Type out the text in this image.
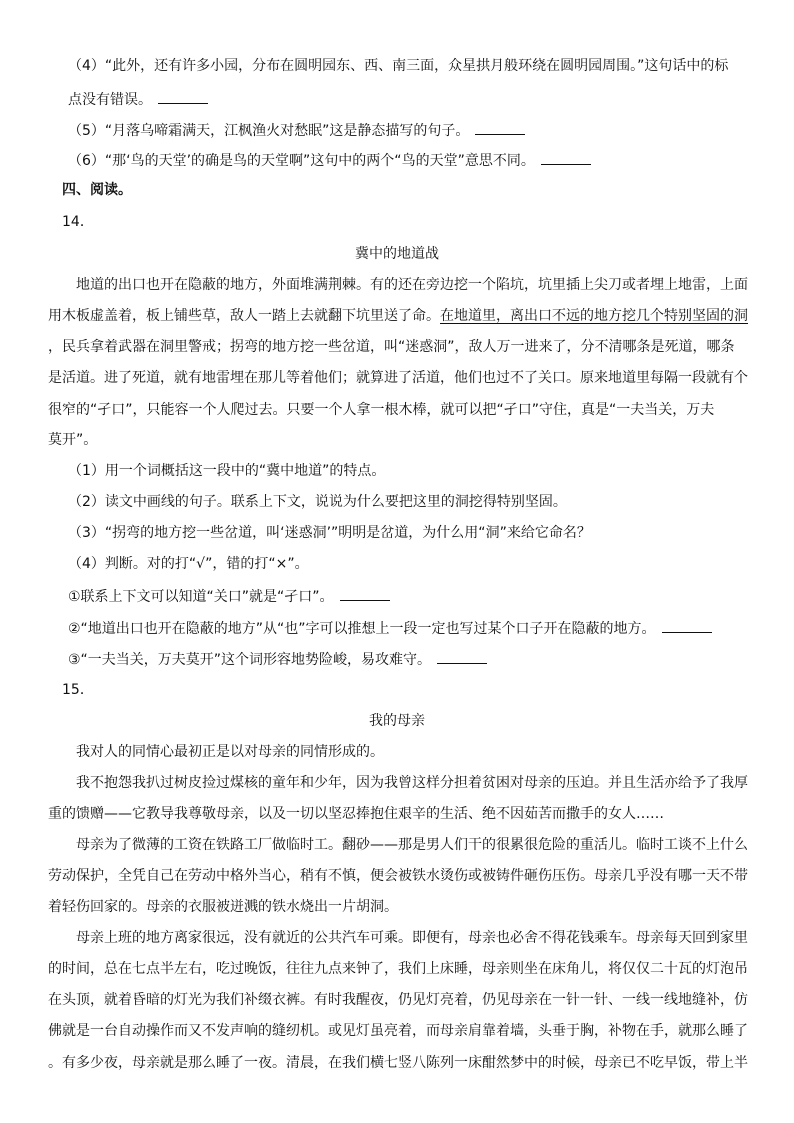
（4）“此外，还有许多小园，分布在圆明园东、西、南三面，众星拱月般环绕在圆明园周围。”这句话中的标
点没有错误。
（5）“月落乌啼霜满天，江枫渔火对愁眠”这是静态描写的句子。
（6）“那‘鸟的天堂’的确是鸟的天堂啊”这句中的两个“鸟的天堂”意思不同。
四、阅读。
14．
冀中的地道战
地道的出口也开在隐蔽的地方，外面堆满荆棘。有的还在旁边挖一个陷坑，坑里插上尖刀或者埋上地雷，上面
用木板虚盖着，板上铺些草，敌人一踏上去就翻下坑里送了命。在地道里，离出口不远的地方挖几个特别坚固的洞
，民兵拿着武器在洞里警戒；拐弯的地方挖一些岔道，叫“迷惑洞”，敌人万一进来了，分不清哪条是死道，哪条
是活道。进了死道，就有地雷埋在那儿等着他们；就算进了活道，他们也过不了关口。原来地道里每隔一段就有个
很窄的“孑口”，只能容一个人爬过去。只要一个人拿一根木棒，就可以把“孑口”守住，真是“一夫当关，万夫
莫开”。
（1）用一个词概括这一段中的“冀中地道”的特点。
（2）读文中画线的句子。联系上下文，说说为什么要把这里的洞挖得特别坚固。
（3）“拐弯的地方挖一些岔道，叫‘迷惑洞’”明明是岔道，为什么用“洞”来给它命名？
（4）判断。对的打“√”，错的打“×”。
①联系上下文可以知道“关口”就是“孑口”。
②“地道出口也开在隐蔽的地方”从“也”字可以推想上一段一定也写过某个口子开在隐蔽的地方。
③“一夫当关，万夫莫开”这个词形容地势险峻，易攻难守。
15．
我的母亲
我对人的同情心最初正是以对母亲的同情形成的。
我不抱怨我扒过树皮捡过煤核的童年和少年，因为我曾这样分担着贫困对母亲的压迫。并且生活亦给予了我厚
重的馈赠——它教导我尊敬母亲，以及一切以坚忍捧抱住艰辛的生活、绝不因茹苦而撒手的女人……
母亲为了微薄的工资在铁路工厂做临时工。翻砂——那是男人们干的很累很危险的重活儿。临时工谈不上什么
劳动保护，全凭自己在劳动中格外当心，稍有不慎，便会被铁水烫伤或被铸件砸伤压伤。母亲几乎没有哪一天不带
着轻伤回家的。母亲的衣服被迸溅的铁水烧出一片胡洞。
母亲上班的地方离家很远，没有就近的公共汽车可乘。即便有，母亲也必舍不得花钱乘车。母亲每天回到家里
的时间，总在七点半左右，吃过晚饭，往往九点来钟了，我们上床睡，母亲则坐在床角儿，将仅仅二十瓦的灯泡吊
在头顶，就着昏暗的灯光为我们补缀衣裤。有时我醒夜，仍见灯亮着，仍见母亲在一针一针、一线一线地缝补，仿
佛就是一台自动操作而又不发声响的缝纫机。或见灯虽亮着，而母亲肩靠着墙，头垂于胸，补物在手，就那么睡了
。有多少夜，母亲就是那么睡了一夜。清晨，在我们横七竖八陈列一床酣然梦中的时候，母亲已不吃早饭，带上半
